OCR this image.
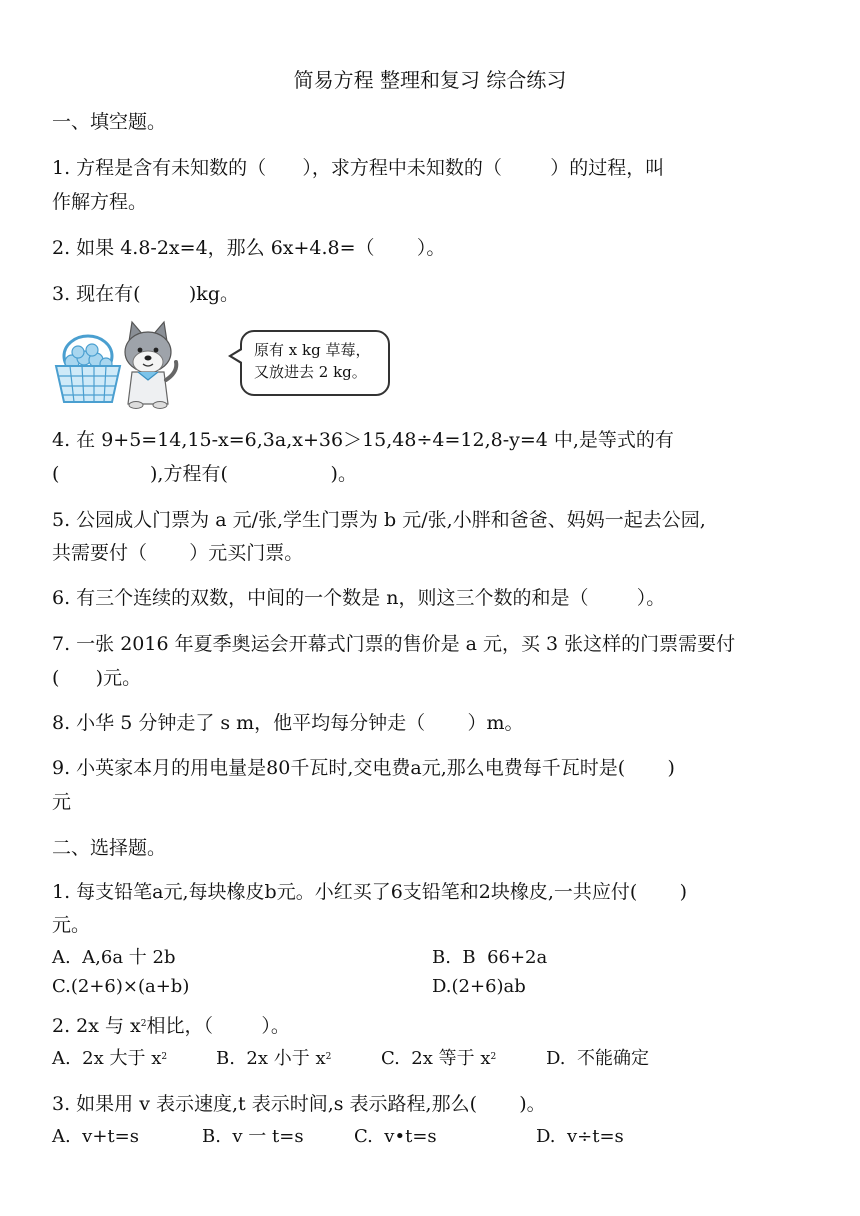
简易方程 整理和复习 综合练习
一、填空题。
1. 方程是含有未知数的（      ），求方程中未知数的（        ）的过程，叫
作解方程。
2. 如果 4.8-2x=4，那么 6x+4.8=（       ）。
3. 现在有(        )kg。
原有 x kg 草莓，
又放进去 2 kg。
4. 在 9+5=14,15-x=6,3a,x+36＞15,48÷4=12,8-y=4 中,是等式的有
(               ),方程有(                 )。
5. 公园成人门票为 a 元/张,学生门票为 b 元/张,小胖和爸爸、妈妈一起去公园,
共需要付（       ）元买门票。
6. 有三个连续的双数，中间的一个数是 n，则这三个数的和是（        ）。
7. 一张 2016 年夏季奥运会开幕式门票的售价是 a 元，买 3 张这样的门票需要付
(      )元。
8. 小华 5 分钟走了 s m，他平均每分钟走（       ）m。
9. 小英家本月的用电量是80千瓦时,交电费a元,那么电费每千瓦时是(       )
元
二、选择题。
1. 每支铅笔a元,每块橡皮b元。小红买了6支铅笔和2块橡皮,一共应付(       )
元。
A.  A,6a 十 2b	B.  B  66+2a
C.(2+6)×(a+b)	D.(2+6)ab
2. 2x 与 $x^2$相比，（        ）。
A.  2x 大于 $x^2$	B.  2x 小于 $x^2$	C.  2x 等于 $x^2$	D.  不能确定
3. 如果用 v 表示速度,t 表示时间,s 表示路程,那么(       )。
A.  v+t=s	B.  v 一 t=s	C.  v•t=s	D.  v÷t=s
